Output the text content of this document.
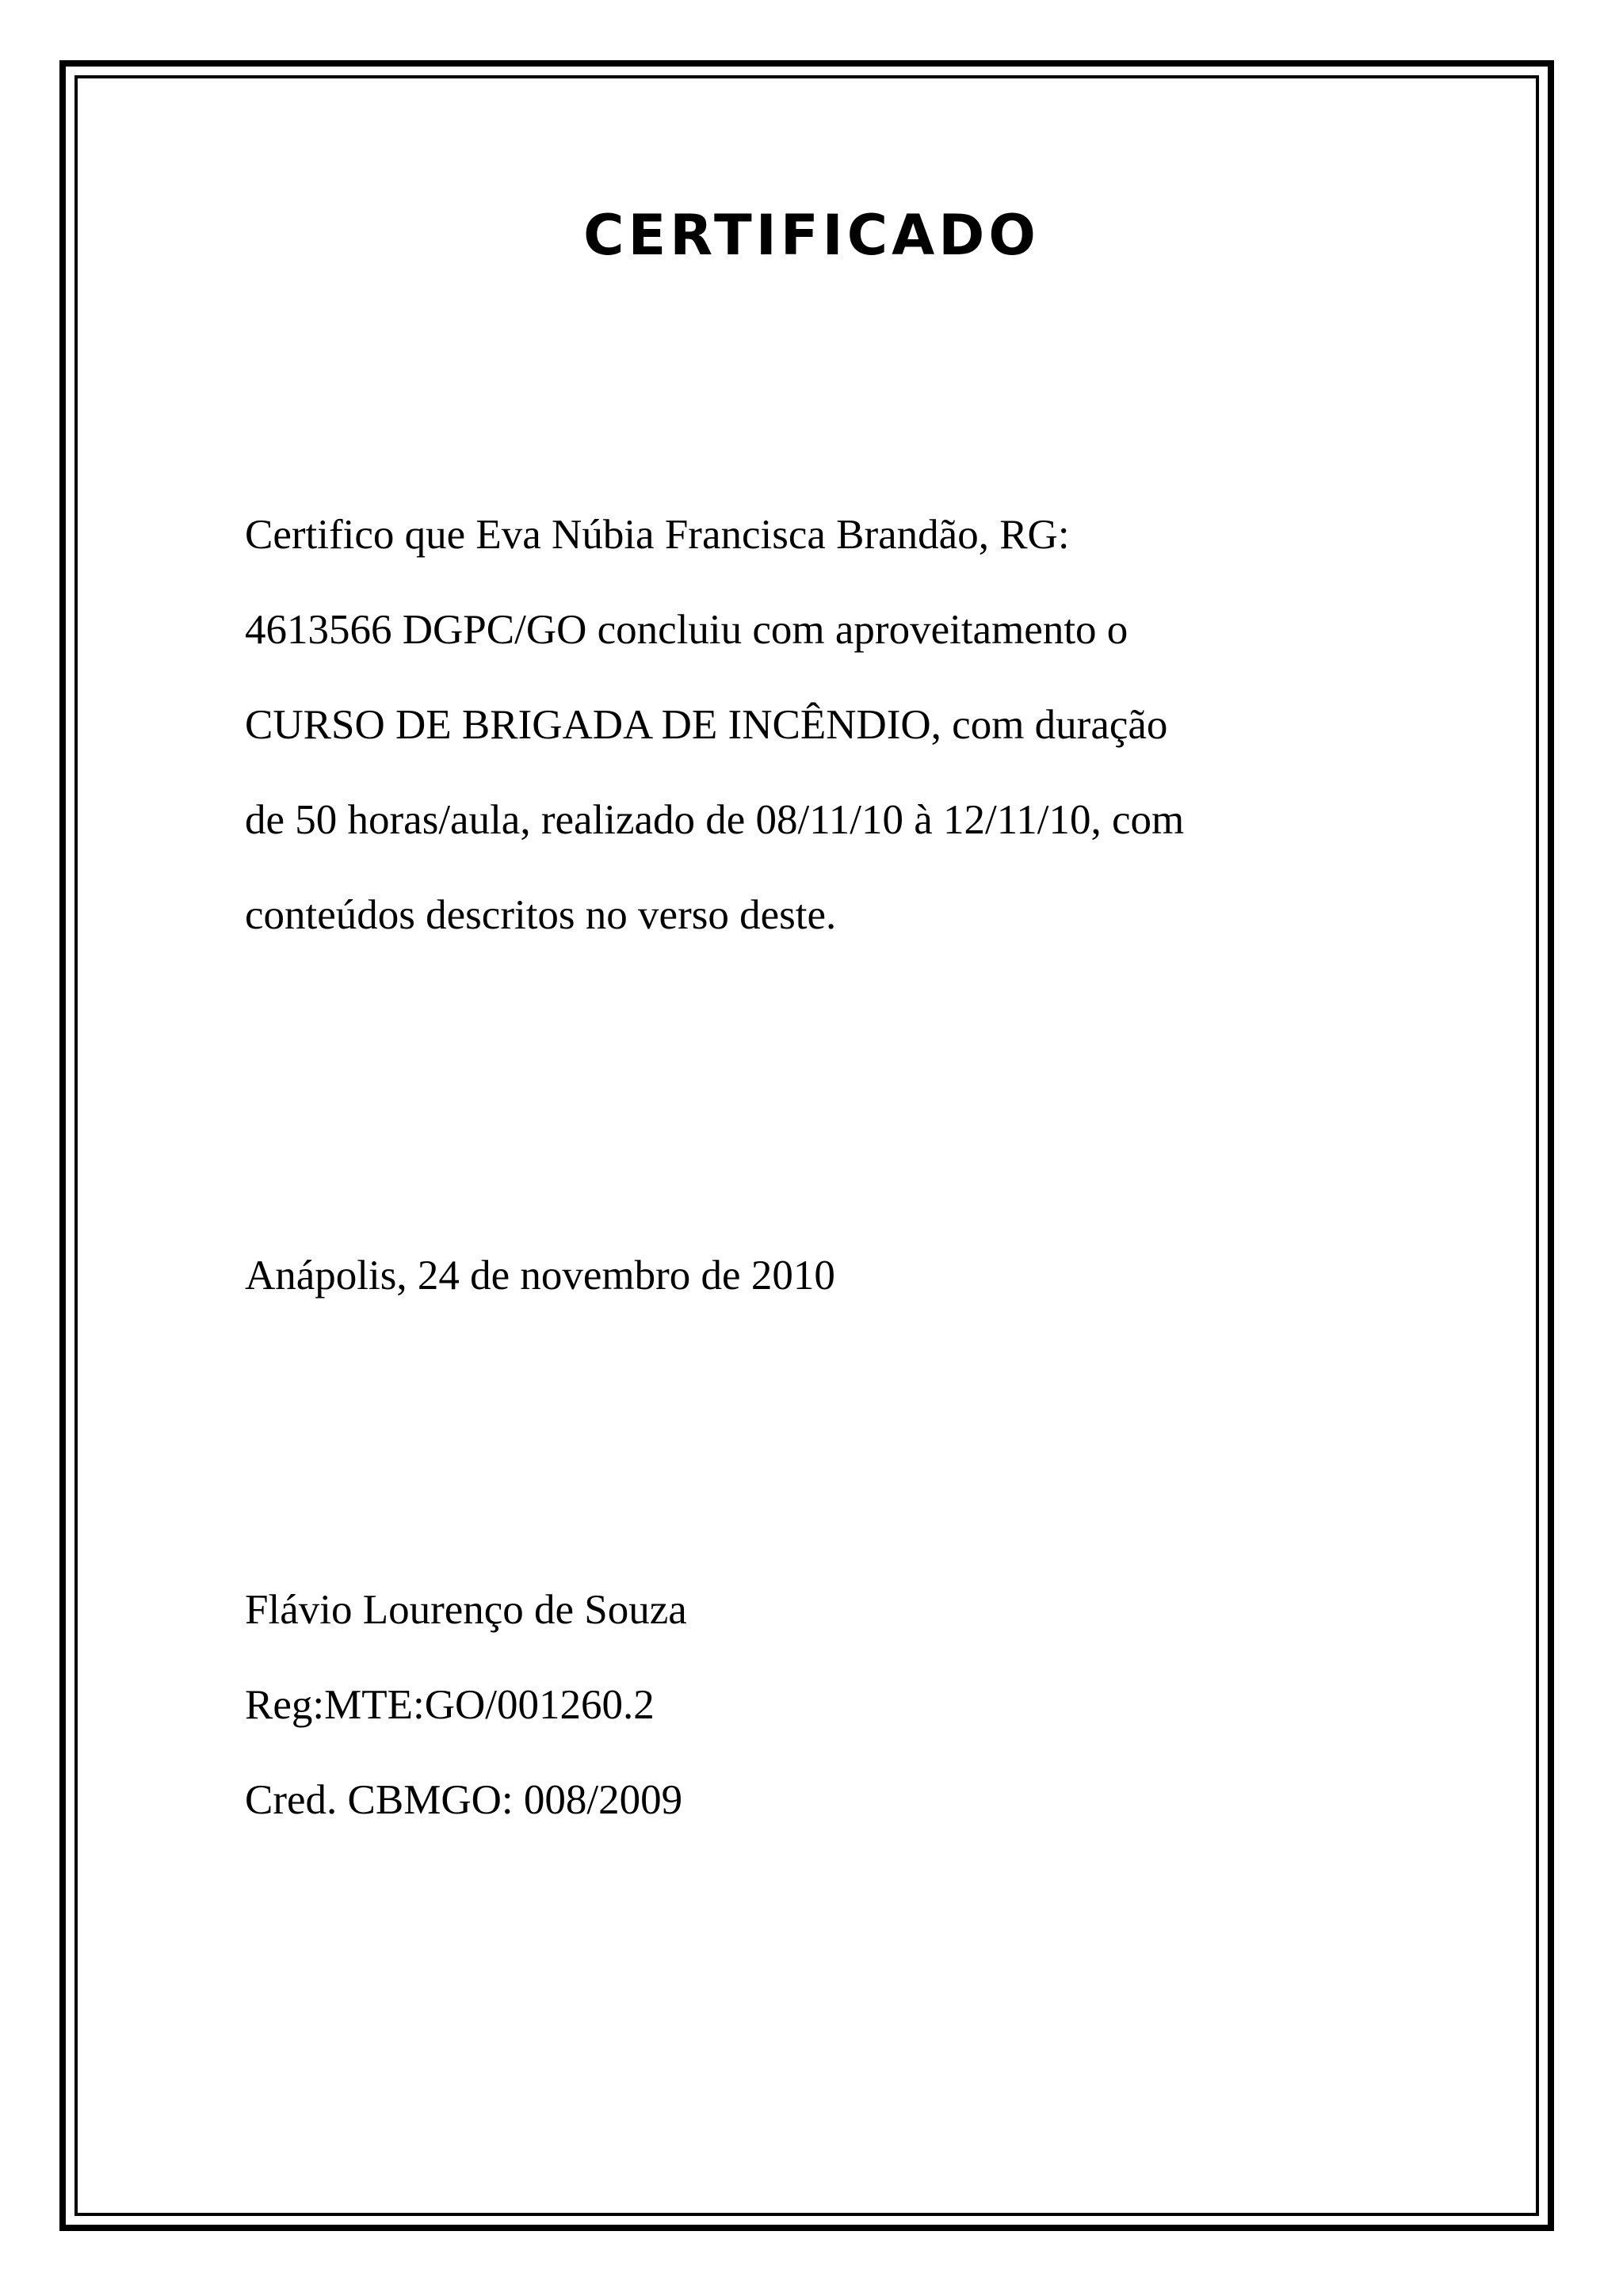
CERTIFICADO

Certifico que Eva Núbia Francisca Brandão, RG:

4613566 DGPC/GO concluiu com aproveitamento o

CURSO DE BRIGADA DE INCÊNDIO, com duração

de 50 horas/aula, realizado de 08/11/10 à 12/11/10, com

conteúdos descritos no verso deste.

Anápolis, 24 de novembro de 2010

Flávio Lourenço de Souza

Reg:MTE:GO/001260.2

Cred. CBMGO: 008/2009
